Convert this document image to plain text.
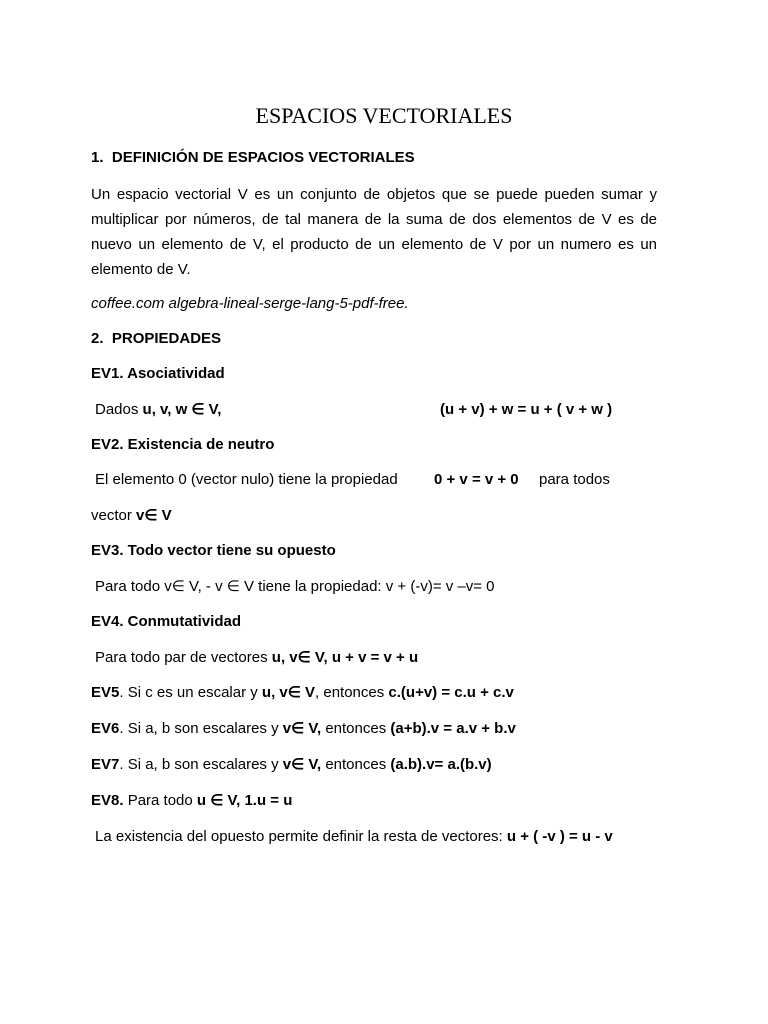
ESPACIOS VECTORIALES
1. DEFINICIÓN DE ESPACIOS VECTORIALES
Un espacio vectorial V es un conjunto de objetos que se puede pueden sumar y multiplicar por números, de tal manera de la suma de dos elementos de V es de nuevo un elemento de V, el producto de un elemento de V por un numero es un elemento de V.
coffee.com algebra-lineal-serge-lang-5-pdf-free.
2. PROPIEDADES
EV1. Asociatividad
Dados u, v, w ∈ V,	(u + v) + w = u + ( v + w )
EV2. Existencia de neutro
El elemento 0 (vector nulo) tiene la propiedad 0 + v = v + 0 para todos
vector v∈ V
EV3. Todo vector tiene su opuesto
Para todo v∈ V, - v ∈ V tiene la propiedad: v + (-v)= v –v= 0
EV4. Conmutatividad
Para todo par de vectores u, v∈ V, u + v = v + u
EV5. Si c es un escalar y u, v∈ V, entonces c.(u+v) = c.u + c.v
EV6. Si a, b son escalares y v∈ V, entonces (a+b).v = a.v + b.v
EV7. Si a, b son escalares y v∈ V, entonces (a.b).v= a.(b.v)
EV8. Para todo u ∈ V, 1.u = u
La existencia del opuesto permite definir la resta de vectores: u + ( -v ) = u - v
